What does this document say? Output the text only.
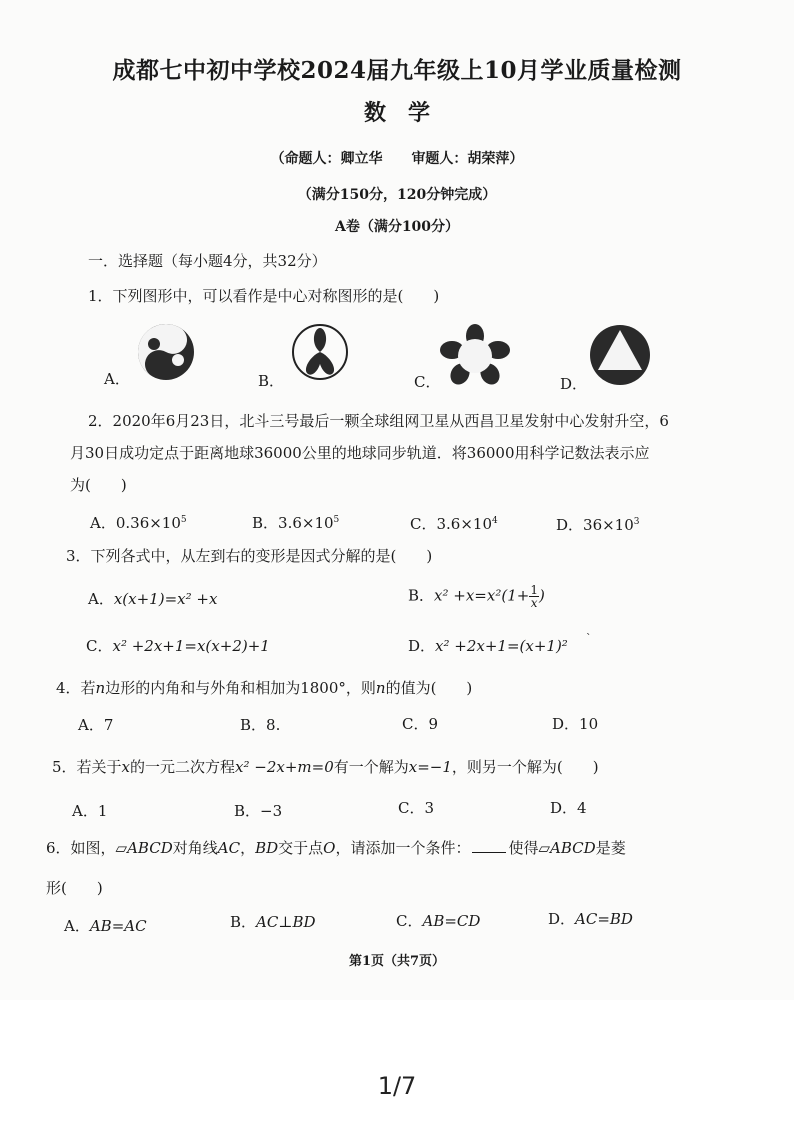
成都七中初中学校2024届九年级上10月学业质量检测
数　学
（命题人：卿立华 审题人：胡荣萍）
（满分150分，120分钟完成）
A卷（满分100分）
一．选择题（每小题4分，共32分）
1．下列图形中，可以看作是中心对称图形的是(　　)
A．	B．	C．	D．
2．2020年6月23日，北斗三号最后一颗全球组网卫星从西昌卫星发射中心发射升空，6
月30日成功定点于距离地球36000公里的地球同步轨道．将36000用科学记数法表示应
为(　　)
A．$0.36\times 10^5$	B．$3.6\times 10^5$	C．$3.6\times 10^4$	D．$36\times 10^3$
3．下列各式中，从左到右的变形是因式分解的是(　　)
A．x(x+1)=x² +x	B．$x^2 +x=x^2(1+ \frac{1}{x}$ )
C．x² +2x+1=x(x+2)+1	D．x² +2x+1=(x+1)² `
4．若n边形的内角和与外角和相加为1800°，则n的值为(　　)
A．7	B．8.	C．9	D．10
5．若关于x的一元二次方程x² −2x+m=0有一个解为x=−1，则另一个解为(　　)
A．1	B．−3	C．3	D．4
6．如图，▱ABCD对角线AC，BD交于点O，请添加一个条件：	使得▱ABCD是菱
形(　　)
A．AB=AC	B．AC⊥BD	C．AB=CD	D．AC=BD
第1页（共7页）
1/7
